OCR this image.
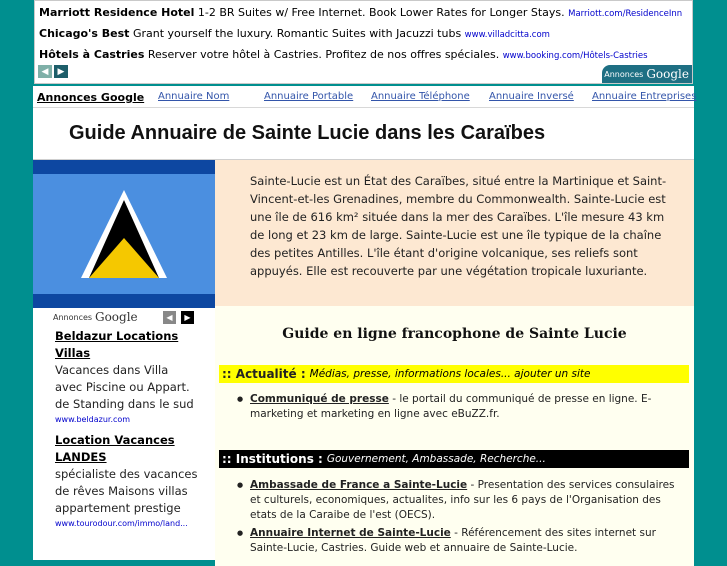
Marriott Residence Hotel 1-2 BR Suites w/ Free Internet. Book Lower Rates for Longer Stays. Marriott.com/ResidenceInn
Chicago's Best Grant yourself the luxury. Romantic Suites with Jacuzzi tubs www.villadcitta.com
Hôtels à Castries Reserver votre hôtel à Castries. Profitez de nos offres spéciales. www.booking.com/Hôtels-Castries
◀	▶	Annonces Google
Annonces Google Annuaire Nom	Annuaire Portable Annuaire Téléphone Annuaire Inversé Annuaire Entreprises
Guide Annuaire de Sainte Lucie dans les Caraïbes
Annonces Google	◀	▶
Beldazur Locations
Villas
Vacances dans Villa
avec Piscine ou Appart.
de Standing dans le sud
www.beldazur.com
Location Vacances
LANDES
spécialiste des vacances
de rêves Maisons villas
appartement prestige
www.tourodour.com/immo/land...

Sainte-Lucie est un État des Caraïbes, situé entre la Martinique et Saint-Vincent-et-les Grenadines, membre du Commonwealth. Sainte-Lucie est une île de 616 km² située dans la mer des Caraïbes. L'île mesure 43 km de long et 23 km de large. Sainte-Lucie est une île typique de la chaîne des petites Antilles. L'île étant d'origine volcanique, ses reliefs sont appuyés. Elle est recouverte par une végétation tropicale luxuriante.

Guide en ligne francophone de Sainte Lucie
:: Actualité : Médias, presse, informations locales... ajouter un site
● Communiqué de presse - le portail du communiqué de presse en ligne. E-marketing et marketing en ligne avec eBuZZ.fr.
:: Institutions : Gouvernement, Ambassade, Recherche...
● Ambassade de France a Sainte-Lucie - Presentation des services consulaires et culturels, economiques, actualites, info sur les 6 pays de l'Organisation des etats de la Caraibe de l'est (OECS).
● Annuaire Internet de Sainte-Lucie - Référencement des sites internet sur Sainte-Lucie, Castries. Guide web et annuaire de Sainte-Lucie.
